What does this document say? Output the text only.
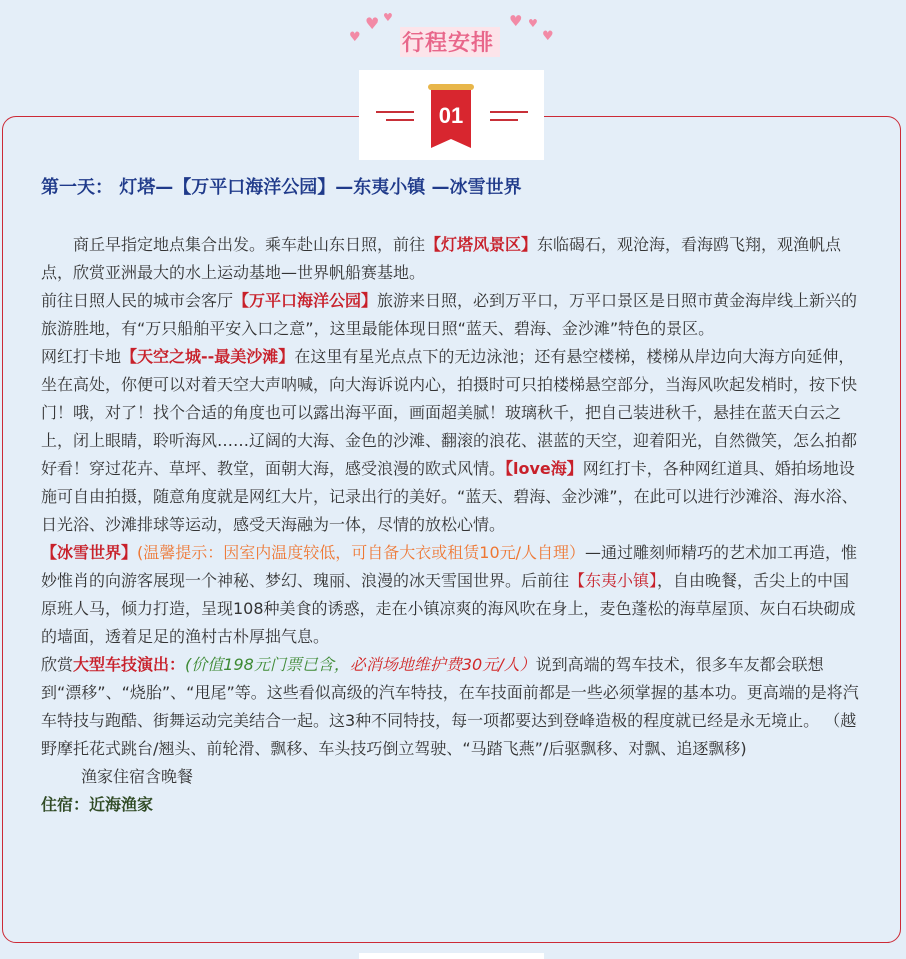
♥
♥ ♥
行程安排
♥ ♥
♥
01
第一天： 灯塔—【万平口海洋公园】—东夷小镇 —冰雪世界

商丘早指定地点集合出发。乘车赴山东日照，前往【灯塔风景区】东临碣石，观沧海，看海鸥飞翔，观渔帆点点，欣赏亚洲最大的水上运动基地—世界帆船赛基地。

前往日照人民的城市会客厅【万平口海洋公园】旅游来日照，必到万平口，万平口景区是日照市黄金海岸线上新兴的旅游胜地，有“万只船舶平安入口之意”，这里最能体现日照“蓝天、碧海、金沙滩”特色的景区。

网红打卡地【天空之城--最美沙滩】在这里有星光点点下的无边泳池；还有悬空楼梯，楼梯从岸边向大海方向延伸，坐在高处，你便可以对着天空大声呐喊，向大海诉说内心，拍摄时可只拍楼梯悬空部分，当海风吹起发梢时，按下快门！哦，对了！找个合适的角度也可以露出海平面，画面超美腻！玻璃秋千，把自己装进秋千，悬挂在蓝天白云之上，闭上眼睛，聆听海风……辽阔的大海、金色的沙滩、翻滚的浪花、湛蓝的天空，迎着阳光，自然微笑，怎么拍都好看！穿过花卉、草坪、教堂，面朝大海，感受浪漫的欧式风情。【love海】网红打卡，各种网红道具、婚拍场地设施可自由拍摄，随意角度就是网红大片，记录出行的美好。“蓝天、碧海、金沙滩”，在此可以进行沙滩浴、海水浴、日光浴、沙滩排球等运动，感受天海融为一体，尽情的放松心情。

【冰雪世界】(温馨提示：因室内温度较低，可自备大衣或租赁10元/人自理）—通过雕刻师精巧的艺术加工再造，惟妙惟肖的向游客展现一个神秘、梦幻、瑰丽、浪漫的冰天雪国世界。后前往【东夷小镇】，自由晚餐，舌尖上的中国原班人马，倾力打造，呈现108种美食的诱惑，走在小镇凉爽的海风吹在身上，麦色蓬松的海草屋顶、灰白石块砌成的墙面，透着足足的渔村古朴厚拙气息。

欣赏大型车技演出：(价值198元门票已含，必消场地维护费30元/人）说到高端的驾车技术，很多车友都会联想到“漂移”、“烧胎”、“甩尾”等。这些看似高级的汽车特技，在车技面前都是一些必须掌握的基本功。更高端的是将汽车特技与跑酷、街舞运动完美结合一起。这3种不同特技，每一项都要达到登峰造极的程度就已经是永无境止。 （越野摩托花式跳台/翘头、前轮滑、飘移、车头技巧倒立驾驶、“马踏飞燕”/后驱飘移、对飘、追逐飘移)

渔家住宿含晚餐

住宿：近海渔家
